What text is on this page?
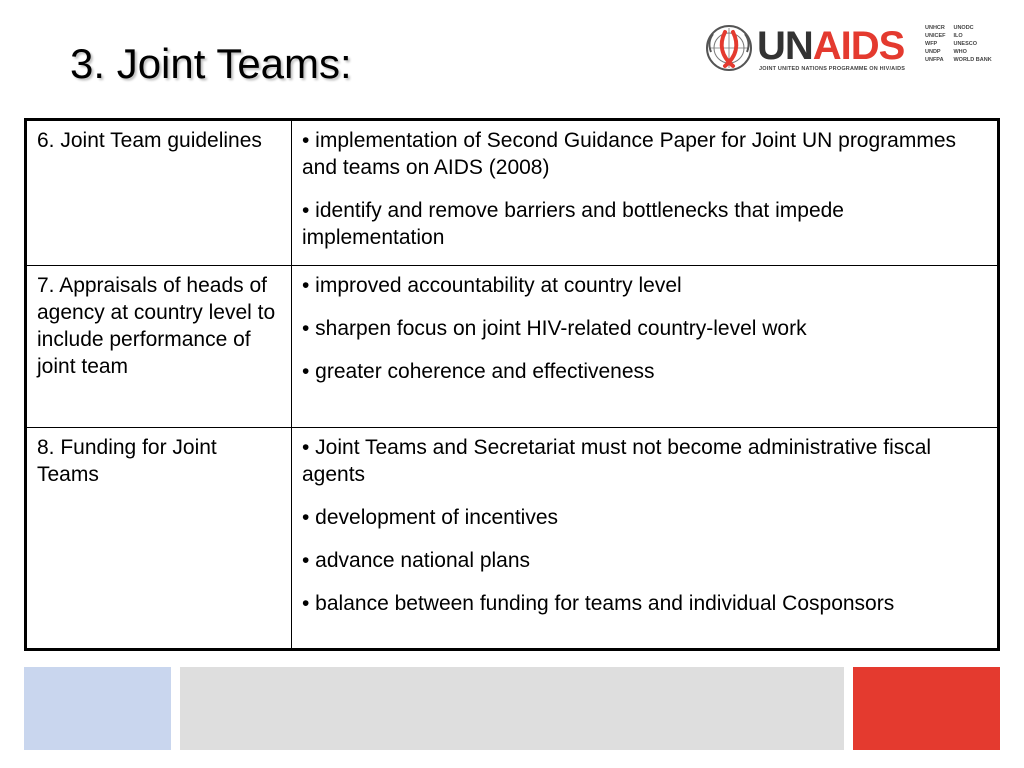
3. Joint Teams:	UNAIDS
JOINT UNITED NATIONS PROGRAMME ON HIV/AIDS
UNHCR
UNICEF
WFP
UNDP
UNFPA
UNODC
ILO
UNESCO
WHO
WORLD BANK
6. Joint Team guidelines	• implementation of Second Guidance Paper for Joint UN programmes and teams on AIDS (2008)

• identify and remove barriers and bottlenecks that impede implementation

7. Appraisals of heads of agency at country level to include performance of joint team	• improved accountability at country level

• sharpen focus on joint HIV-related country-level work

• greater coherence and effectiveness

8. Funding for Joint Teams	• Joint Teams and Secretariat must not become administrative fiscal agents

• development of incentives

• advance national plans

• balance between funding for teams and individual Cosponsors
